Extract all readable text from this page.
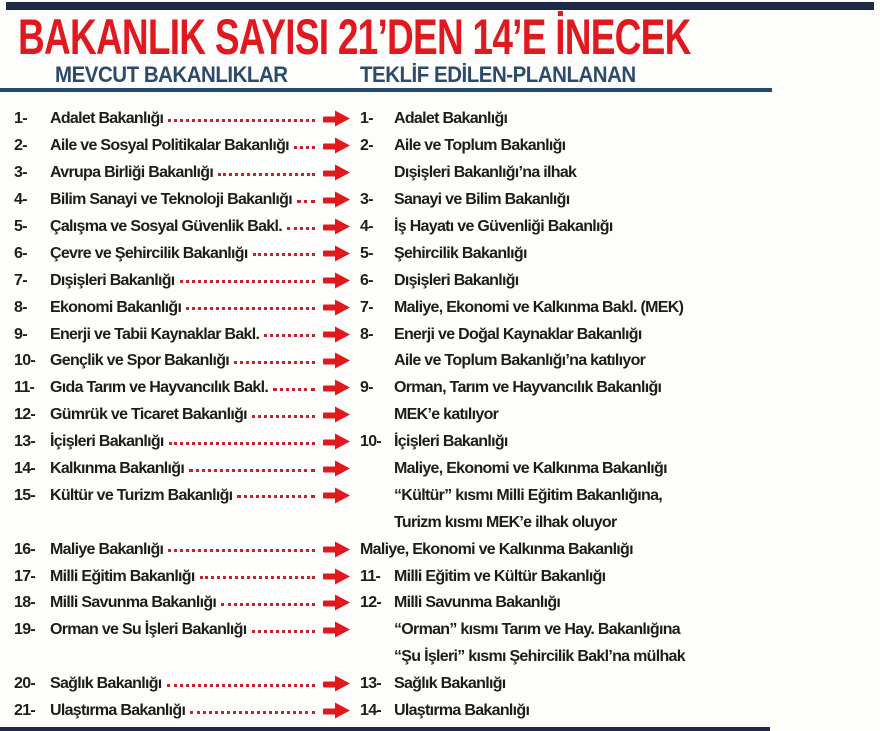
BAKANLIK SAYISI 21’DEN 14’E İNECEK
MEVCUT BAKANLIKLAR	TEKLİF EDİLEN-PLANLANAN
1-	Adalet Bakanlığı	1-	Adalet Bakanlığı
2-	Aile ve Sosyal Politikalar Bakanlığı	2-	Aile ve Toplum Bakanlığı
3-	Avrupa Birliği Bakanlığı	Dışişleri Bakanlığı’na ilhak
4-	Bilim Sanayi ve Teknoloji Bakanlığı	3-	Sanayi ve Bilim Bakanlığı
5-	Çalışma ve Sosyal Güvenlik Bakl.	4-	İş Hayatı ve Güvenliği Bakanlığı
6-	Çevre ve Şehircilik Bakanlığı	5-	Şehircilik Bakanlığı
7-	Dışişleri Bakanlığı	6-	Dışişleri Bakanlığı
8-	Ekonomi Bakanlığı	7-	Maliye, Ekonomi ve Kalkınma Bakl. (MEK)
9-	Enerji ve Tabii Kaynaklar Bakl.	8-	Enerji ve Doğal Kaynaklar Bakanlığı
10- Gençlik ve Spor Bakanlığı	Aile ve Toplum Bakanlığı’na katılıyor
11- Gıda Tarım ve Hayvancılık Bakl.	9-	Orman, Tarım ve Hayvancılık Bakanlığı
12- Gümrük ve Ticaret Bakanlığı	MEK’e katılıyor
13- İçişleri Bakanlığı	10- İçişleri Bakanlığı
14- Kalkınma Bakanlığı	Maliye, Ekonomi ve Kalkınma Bakanlığı
15- Kültür ve Turizm Bakanlığı	“Kültür” kısmı Milli Eğitim Bakanlığına,
Turizm kısmı MEK’e ilhak oluyor
16- Maliye Bakanlığı	Maliye, Ekonomi ve Kalkınma Bakanlığı
17- Milli Eğitim Bakanlığı	11- Milli Eğitim ve Kültür Bakanlığı
18- Milli Savunma Bakanlığı	12- Milli Savunma Bakanlığı
19- Orman ve Su İşleri Bakanlığı	“Orman” kısmı Tarım ve Hay. Bakanlığına
“Şu İşleri” kısmı Şehircilik Bakl’na mülhak
20- Sağlık Bakanlığı	13- Sağlık Bakanlığı
21- Ulaştırma Bakanlığı	14- Ulaştırma Bakanlığı
